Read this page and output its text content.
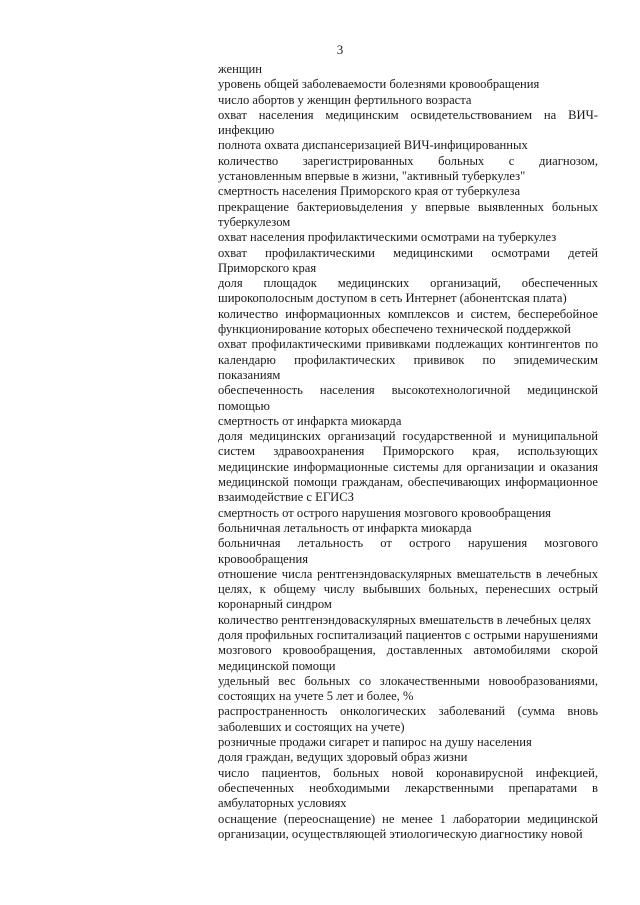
3

женщин

уровень общей заболеваемости болезнями кровообращения

число абортов у женщин фертильного возраста

охват населения медицинским освидетельствованием на ВИЧ-инфекцию

полнота охвата диспансеризацией ВИЧ-инфицированных

количество зарегистрированных больных с диагнозом, установленным впервые в жизни, "активный туберкулез"

смертность населения Приморского края от туберкулеза

прекращение бактериовыделения у впервые выявленных больных туберкулезом

охват населения профилактическими осмотрами на туберкулез

охват профилактическими медицинскими осмотрами детей Приморского края

доля площадок медицинских организаций, обеспеченных широкополосным доступом в сеть Интернет (абонентская плата)

количество информационных комплексов и систем, бесперебойное функционирование которых обеспечено технической поддержкой

охват профилактическими прививками подлежащих контингентов по календарю профилактических прививок по эпидемическим показаниям

обеспеченность населения высокотехнологичной медицинской помощью

смертность от инфаркта миокарда

доля медицинских организаций государственной и муниципальной систем здравоохранения Приморского края, использующих медицинские информационные системы для организации и оказания медицинской помощи гражданам, обеспечивающих информационное взаимодействие с ЕГИСЗ

смертность от острого нарушения мозгового кровообращения

больничная летальность от инфаркта миокарда

больничная летальность от острого нарушения мозгового кровообращения

отношение числа рентгенэндоваскулярных вмешательств в лечебных целях, к общему числу выбывших больных, перенесших острый коронарный синдром

количество рентгенэндоваскулярных вмешательств в лечебных целях

доля профильных госпитализаций пациентов с острыми нарушениями мозгового кровообращения, доставленных автомобилями скорой медицинской помощи

удельный вес больных со злокачественными новообразованиями, состоящих на учете 5 лет и более, %

распространенность онкологических заболеваний (сумма вновь заболевших и состоящих на учете)

розничные продажи сигарет и папирос на душу населения

доля граждан, ведущих здоровый образ жизни

число пациентов, больных новой коронавирусной инфекцией, обеспеченных необходимыми лекарственными препаратами в амбулаторных условиях

оснащение (переоснащение) не менее 1 лаборатории медицинской организации, осуществляющей этиологическую диагностику новой
